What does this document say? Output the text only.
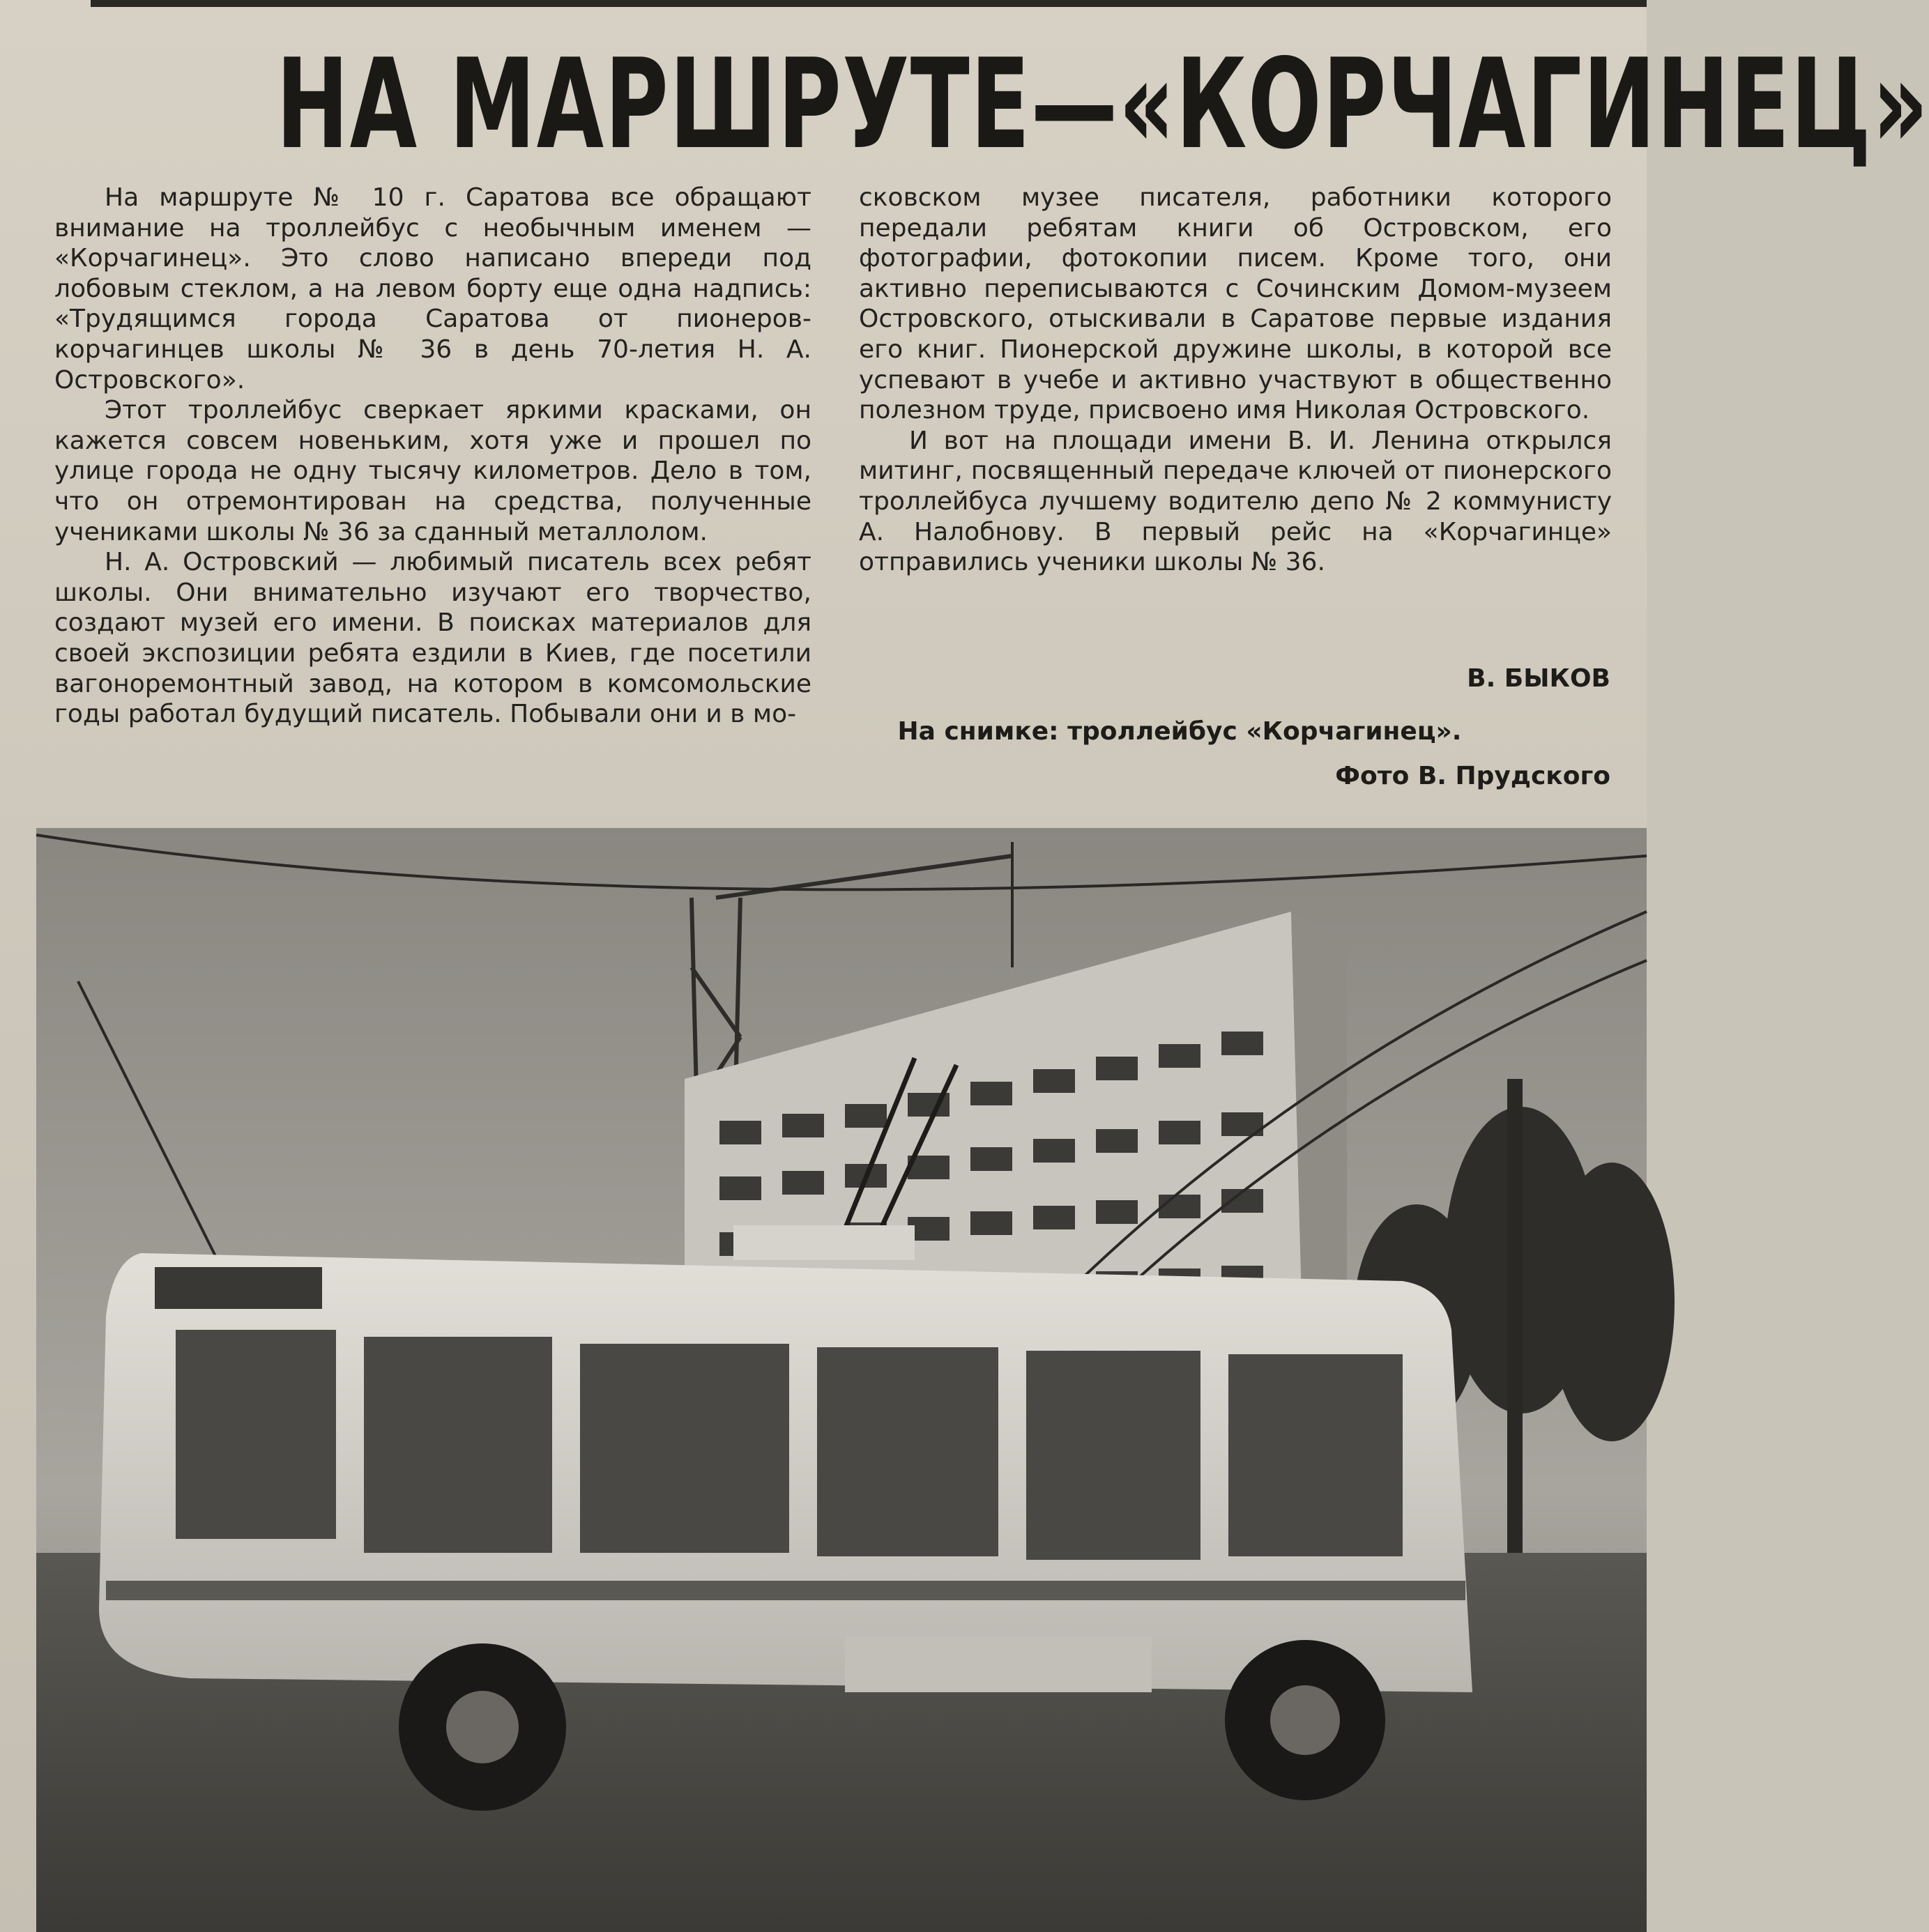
НА МАРШРУТЕ—«КОРЧАГИНЕЦ»

На маршруте № 10 г. Саратова все обращают внимание на троллейбус с необычным именем — «Корчагинец». Это слово написано впереди под лобовым стеклом, а на левом борту еще одна надпись: «Трудящимся города Саратова от пионеров-корчагинцев школы № 36 в день 70-летия Н. А. Островского».

Этот троллейбус сверкает яркими красками, он кажется совсем новеньким, хотя уже и прошел по улице города не одну тысячу километров. Дело в том, что он отремонтирован на средства, полученные учениками школы № 36 за сданный металлолом.

Н. А. Островский — любимый писатель всех ребят школы. Они внимательно изучают его творчество, создают музей его имени. В поисках материалов для своей экспозиции ребята ездили в Киев, где посетили вагоноремонтный завод, на котором в комсомольские годы работал будущий писатель. Побывали они и в мо-

сковском музее писателя, работники которого передали ребятам книги об Островском, его фотографии, фотокопии писем. Кроме того, они активно переписываются с Сочинским Домом-музеем Островского, отыскивали в Саратове первые издания его книг. Пионерской дружине школы, в которой все успевают в учебе и активно участвуют в общественно полезном труде, присвоено имя Николая Островского.

И вот на площади имени В. И. Ленина открылся митинг, посвященный передаче ключей от пионерского троллейбуса лучшему водителю депо № 2 коммунисту А. Налобнову. В первый рейс на «Корчагинце» отправились ученики школы № 36.

В. БЫКОВ
На снимке: троллейбус «Корчагинец».
Фото В. Прудского
